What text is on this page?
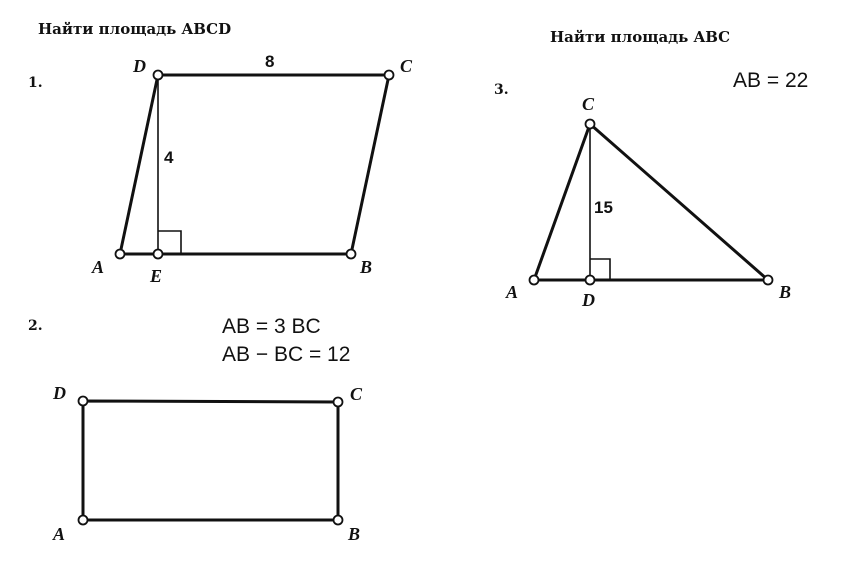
Найти площадь ABCD	Найти площадь ABC
1.
A	B
C
D
E
8
4
2.	AB = 3 BC
AB − BC = 12
A	B
C
D
3.	AB = 22
A	B
C
D
15
